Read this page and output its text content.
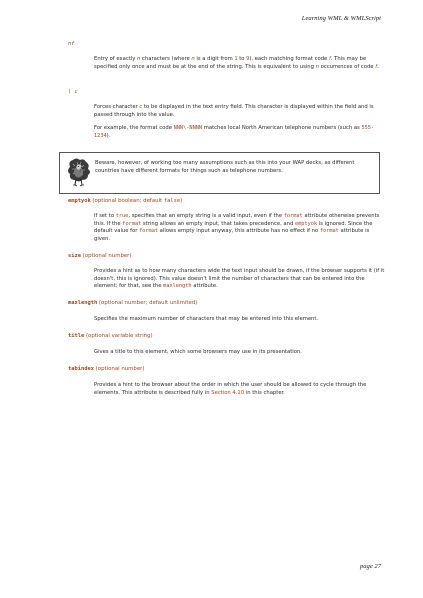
Learning WML & WMLScript
nf
Entry of exactly n characters (where n is a digit from 1 to 9), each matching format code f. This may be specified only once and must be at the end of the string. This is equivalent to using n occurrences of code f.
\ c
Forces character c to be displayed in the text entry field. This character is displayed within the field and is passed through into the value.
For example, the format code NNN\-NNNN matches local North American telephone numbers (such as 555-1234).
Beware, however, of working too many assumptions such as this into your WAP decks, as different countries have different formats for things such as telephone numbers.
emptyok (optional boolean; default false)
If set to true, specifies that an empty string is a valid input, even if the format attribute otherwise prevents this. If the format string allows an empty input, that takes precedence, and emptyok is ignored. Since the default value for format allows empty input anyway, this attribute has no effect if no format attribute is given.
size (optional number)
Provides a hint as to how many characters wide the text input should be drawn, if the browser supports it (if it doesn't, this is ignored). This value doesn't limit the number of characters that can be entered into the element; for that, see the maxlength attribute.
maxlength (optional number; default unlimited)
Specifies the maximum number of characters that may be entered into this element.
title (optional variable string)
Gives a title to this element, which some browsers may use in its presentation.
tabindex (optional number)
Provides a hint to the browser about the order in which the user should be allowed to cycle through the elements. This attribute is described fully in Section 4.10 in this chapter.
page 27
